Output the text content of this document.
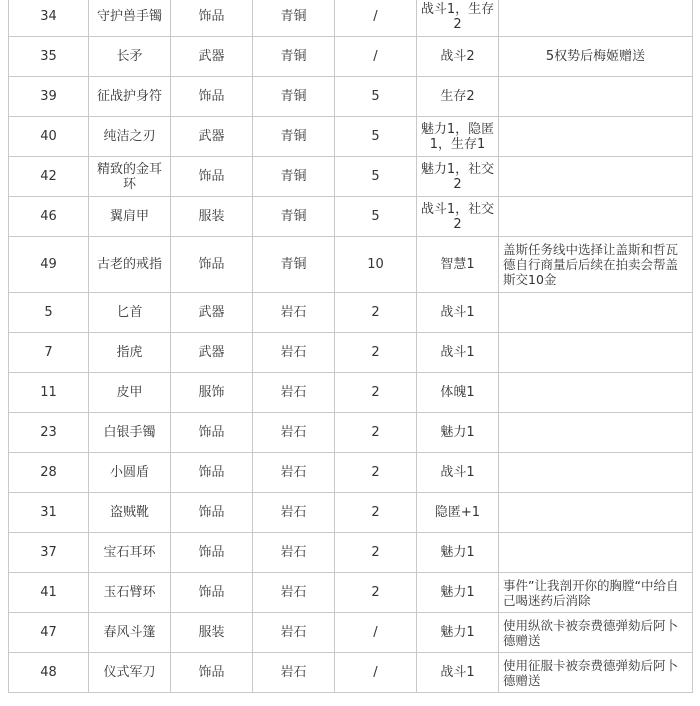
34	守护兽手镯	饰品	青铜	/	战斗1，生存2	
35	长矛	武器	青铜	/	战斗2	5权势后梅姬赠送
39	征战护身符	饰品	青铜	5	生存2	
40	纯洁之刃	武器	青铜	5	魅力1，隐匿1，生存1	
42	精致的金耳环	饰品	青铜	5	魅力1，社交2	
46	翼肩甲	服装	青铜	5	战斗1，社交2	
49	古老的戒指	饰品	青铜	10	智慧1	盖斯任务线中选择让盖斯和哲瓦德自行商量后后续在拍卖会帮盖斯交10金
5	匕首	武器	岩石	2	战斗1	
7	指虎	武器	岩石	2	战斗1	
11	皮甲	服饰	岩石	2	体魄1	
23	白银手镯	饰品	岩石	2	魅力1	
28	小圆盾	饰品	岩石	2	战斗1	
31	盗贼靴	饰品	岩石	2	隐匿+1	
37	宝石耳环	饰品	岩石	2	魅力1	
41	玉石臂环	饰品	岩石	2	魅力1	事件”让我剖开你的胸膛“中给自己喝迷药后消除
47	春风斗篷	服装	岩石	/	魅力1	使用纵欲卡被奈费德弹劾后阿卜德赠送
48	仪式军刀	饰品	岩石	/	战斗1	使用征服卡被奈费德弹劾后阿卜德赠送
